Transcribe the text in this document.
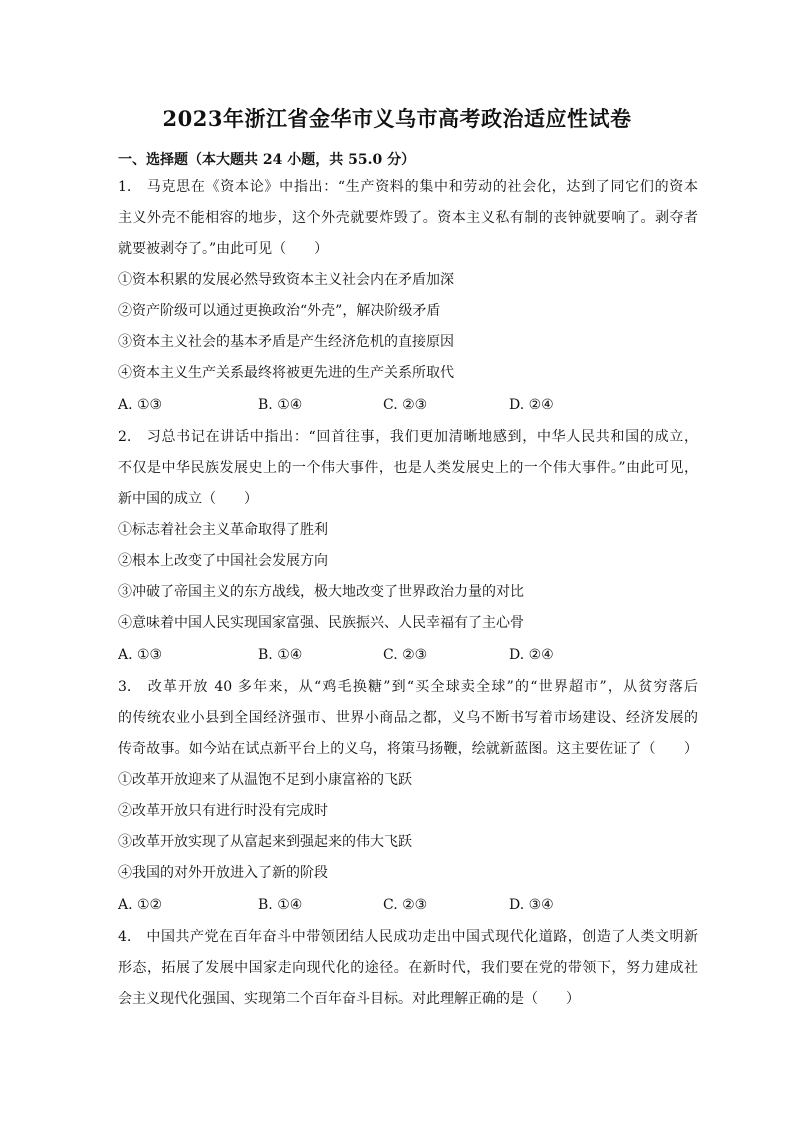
2023年浙江省金华市义乌市高考政治适应性试卷
一、选择题（本大题共 24 小题，共 55.0 分）
1.　马克思在《资本论》中指出：“生产资料的集中和劳动的社会化，达到了同它们的资本
主义外壳不能相容的地步，这个外壳就要炸毁了。资本主义私有制的丧钟就要响了。剥夺者
就要被剥夺了。”由此可见（　　）
①资本积累的发展必然导致资本主义社会内在矛盾加深
②资产阶级可以通过更换政治“外壳”，解决阶级矛盾
③资本主义社会的基本矛盾是产生经济危机的直接原因
④资本主义生产关系最终将被更先进的生产关系所取代
A. ①③	B. ①④	C. ②③	D. ②④
2.　习总书记在讲话中指出：“回首往事，我们更加清晰地感到，中华人民共和国的成立，
不仅是中华民族发展史上的一个伟大事件，也是人类发展史上的一个伟大事件。”由此可见，
新中国的成立（　　）
①标志着社会主义革命取得了胜利
②根本上改变了中国社会发展方向
③冲破了帝国主义的东方战线，极大地改变了世界政治力量的对比
④意味着中国人民实现国家富强、民族振兴、人民幸福有了主心骨
A. ①③	B. ①④	C. ②③	D. ②④
3.　改革开放 40 多年来，从“鸡毛换糖”到“买全球卖全球”的“世界超市”，从贫穷落后
的传统农业小县到全国经济强市、世界小商品之都，义乌不断书写着市场建设、经济发展的
传奇故事。如今站在试点新平台上的义乌，将策马扬鞭，绘就新蓝图。这主要佐证了（　　）
①改革开放迎来了从温饱不足到小康富裕的飞跃
②改革开放只有进行时没有完成时
③改革开放实现了从富起来到强起来的伟大飞跃
④我国的对外开放进入了新的阶段
A. ①②	B. ①④	C. ②③	D. ③④
4.　中国共产党在百年奋斗中带领团结人民成功走出中国式现代化道路，创造了人类文明新
形态，拓展了发展中国家走向现代化的途径。在新时代，我们要在党的带领下，努力建成社
会主义现代化强国、实现第二个百年奋斗目标。对此理解正确的是（　　）
